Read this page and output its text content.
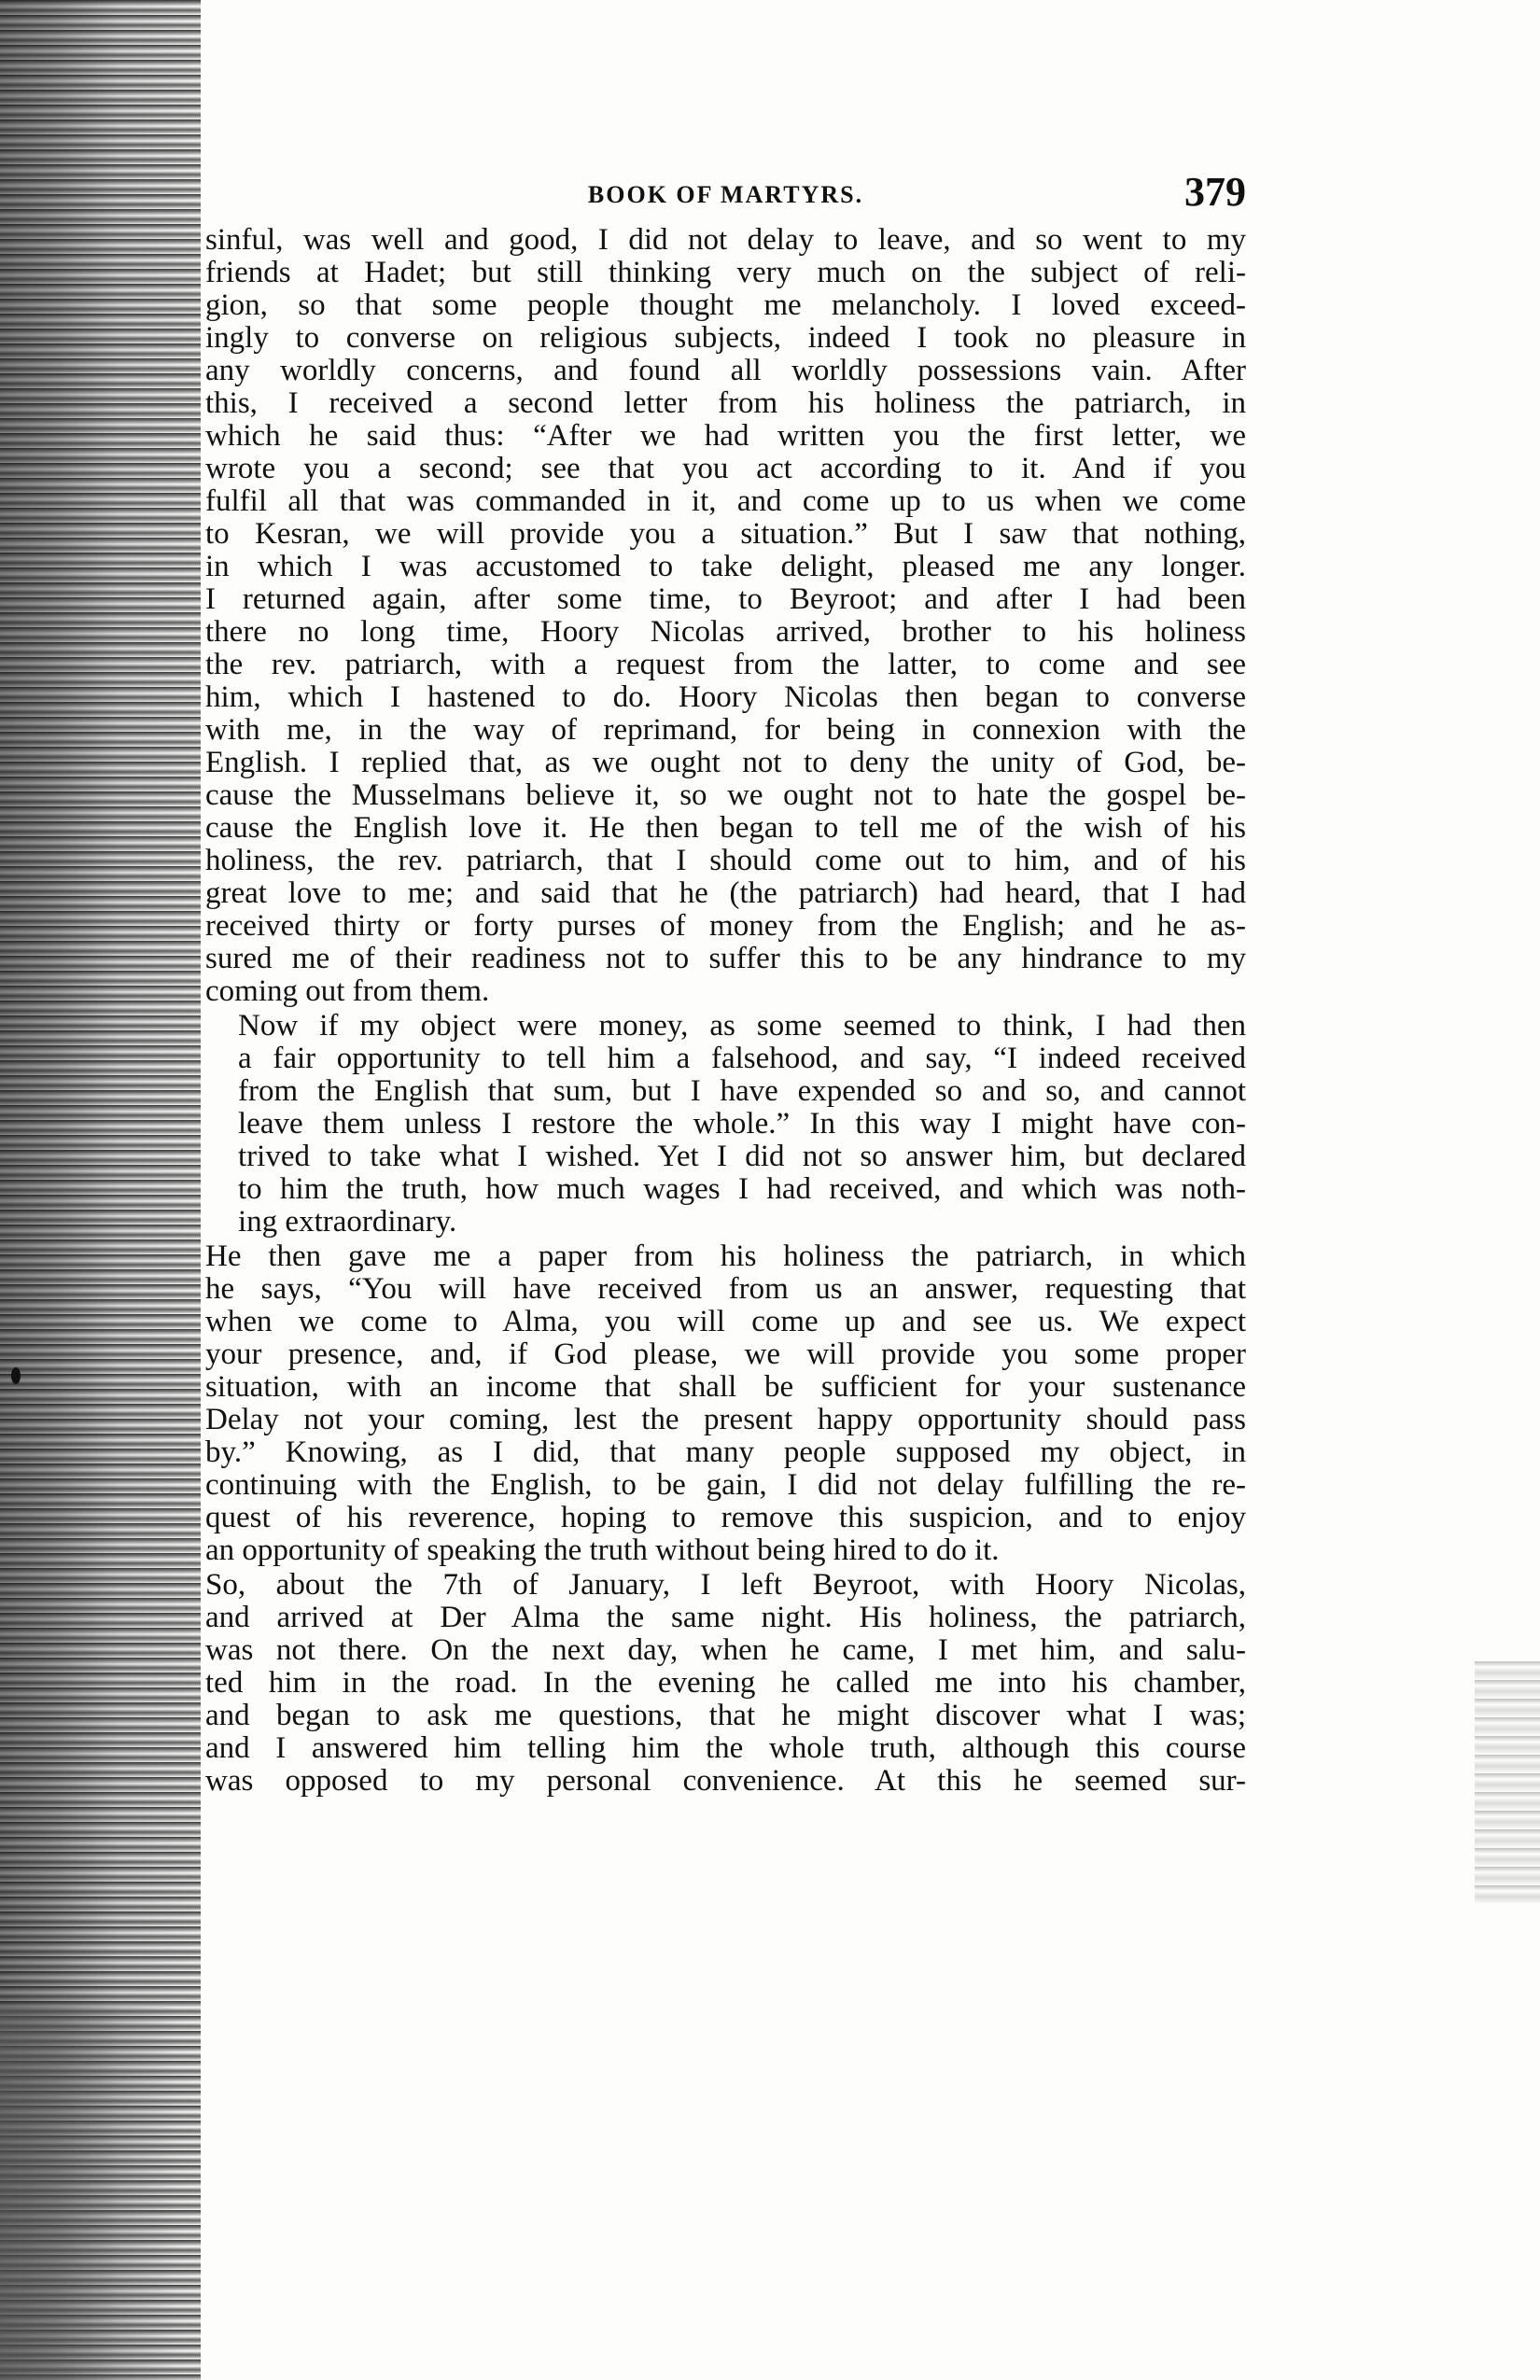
BOOK OF MARTYRS.	379
sinful, was well and good, I did not delay to leave, and so went to my
friends at Hadet; but still thinking very much on the subject of reli-
gion, so that some people thought me melancholy. I loved exceed-
ingly to converse on religious subjects, indeed I took no pleasure in
any worldly concerns, and found all worldly possessions vain. After
this, I received a second letter from his holiness the patriarch, in
which he said thus: “After we had written you the first letter, we
wrote you a second; see that you act according to it. And if you
fulfil all that was commanded in it, and come up to us when we come
to Kesran, we will provide you a situation.” But I saw that nothing,
in which I was accustomed to take delight, pleased me any longer.
I returned again, after some time, to Beyroot; and after I had been
there no long time, Hoory Nicolas arrived, brother to his holiness
the rev. patriarch, with a request from the latter, to come and see
him, which I hastened to do. Hoory Nicolas then began to converse
with me, in the way of reprimand, for being in connexion with the
English. I replied that, as we ought not to deny the unity of God, be-
cause the Musselmans believe it, so we ought not to hate the gospel be-
cause the English love it. He then began to tell me of the wish of his
holiness, the rev. patriarch, that I should come out to him, and of his
great love to me; and said that he (the patriarch) had heard, that I had
received thirty or forty purses of money from the English; and he as-
sured me of their readiness not to suffer this to be any hindrance to my
coming out from them.
Now if my object were money, as some seemed to think, I had then
a fair opportunity to tell him a falsehood, and say, “I indeed received
from the English that sum, but I have expended so and so, and cannot
leave them unless I restore the whole.” In this way I might have con-
trived to take what I wished. Yet I did not so answer him, but declared
to him the truth, how much wages I had received, and which was noth-
ing extraordinary.
He then gave me a paper from his holiness the patriarch, in which
he says, “You will have received from us an answer, requesting that
when we come to Alma, you will come up and see us. We expect
your presence, and, if God please, we will provide you some proper
situation, with an income that shall be sufficient for your sustenance
Delay not your coming, lest the present happy opportunity should pass
by.” Knowing, as I did, that many people supposed my object, in
continuing with the English, to be gain, I did not delay fulfilling the re-
quest of his reverence, hoping to remove this suspicion, and to enjoy
an opportunity of speaking the truth without being hired to do it.
So, about the 7th of January, I left Beyroot, with Hoory Nicolas,
and arrived at Der Alma the same night. His holiness, the patriarch,
was not there. On the next day, when he came, I met him, and salu-
ted him in the road. In the evening he called me into his chamber,
and began to ask me questions, that he might discover what I was;
and I answered him telling him the whole truth, although this course
was opposed to my personal convenience. At this he seemed sur-
